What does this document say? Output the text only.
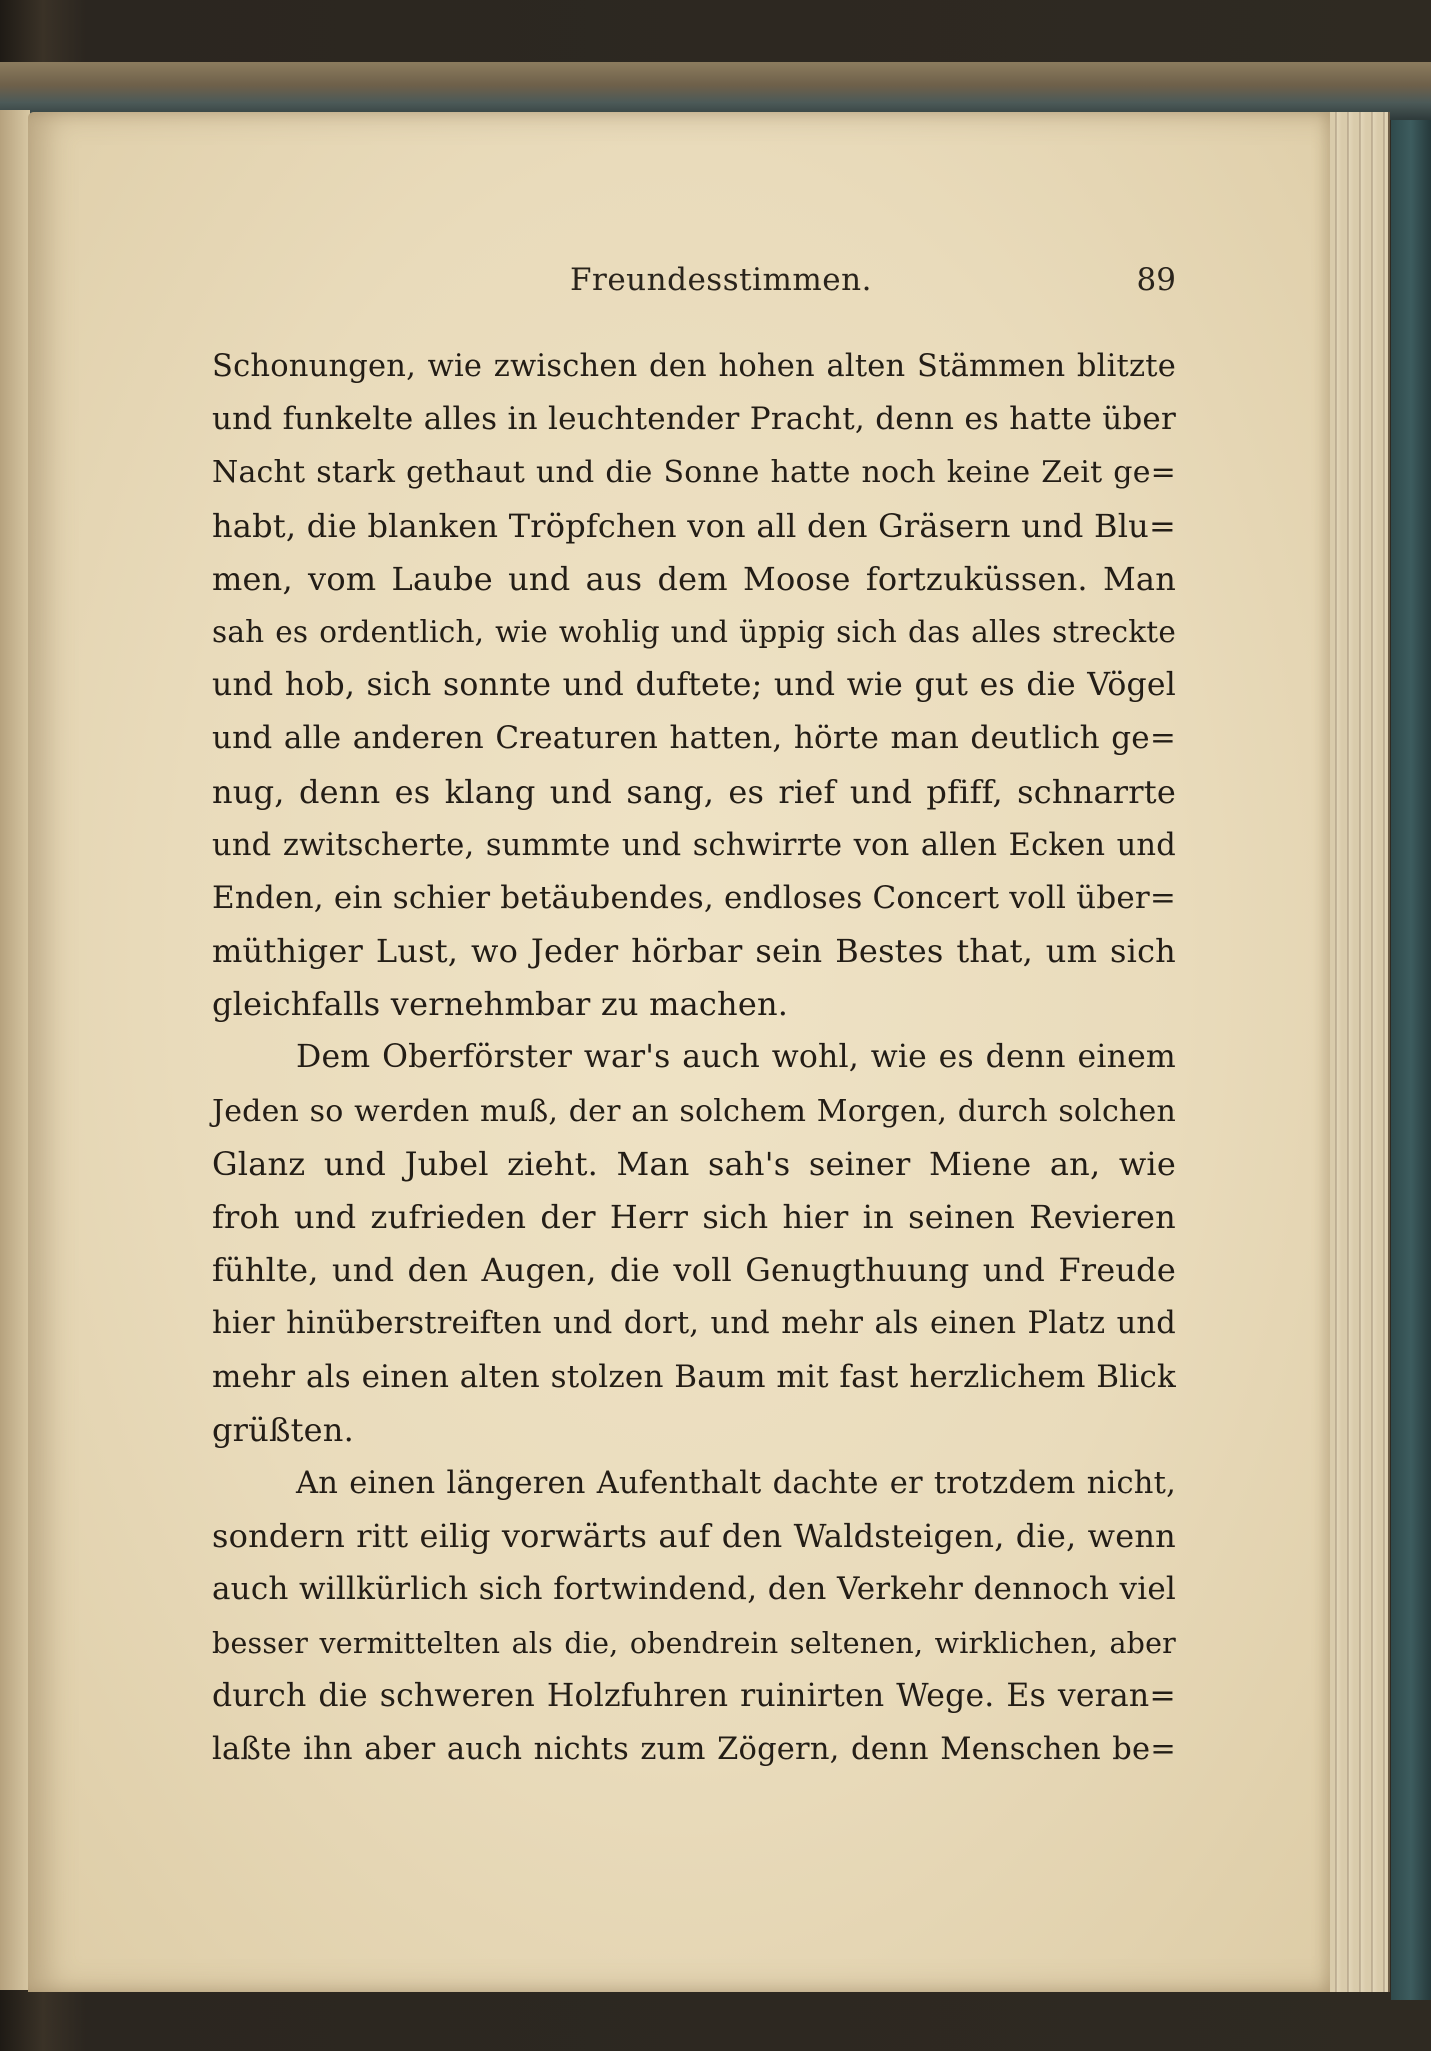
Freundesstimmen.	89
Schonungen, wie zwischen den hohen alten Stämmen blitzte
und funkelte alles in leuchtender Pracht, denn es hatte über
Nacht stark gethaut und die Sonne hatte noch keine Zeit ge=
habt, die blanken Tröpfchen von all den Gräsern und Blu=
men, vom Laube und aus dem Moose fortzuküssen. Man
sah es ordentlich, wie wohlig und üppig sich das alles streckte
und hob, sich sonnte und duftete; und wie gut es die Vögel
und alle anderen Creaturen hatten, hörte man deutlich ge=
nug, denn es klang und sang, es rief und pfiff, schnarrte
und zwitscherte, summte und schwirrte von allen Ecken und
Enden, ein schier betäubendes, endloses Concert voll über=
müthiger Lust, wo Jeder hörbar sein Bestes that, um sich
gleichfalls vernehmbar zu machen.
Dem Oberförster war's auch wohl, wie es denn einem
Jeden so werden muß, der an solchem Morgen, durch solchen
Glanz und Jubel zieht. Man sah's seiner Miene an, wie
froh und zufrieden der Herr sich hier in seinen Revieren
fühlte, und den Augen, die voll Genugthuung und Freude
hier hinüberstreiften und dort, und mehr als einen Platz und
mehr als einen alten stolzen Baum mit fast herzlichem Blick
grüßten.
An einen längeren Aufenthalt dachte er trotzdem nicht,
sondern ritt eilig vorwärts auf den Waldsteigen, die, wenn
auch willkürlich sich fortwindend, den Verkehr dennoch viel
besser vermittelten als die, obendrein seltenen, wirklichen, aber
durch die schweren Holzfuhren ruinirten Wege. Es veran=
laßte ihn aber auch nichts zum Zögern, denn Menschen be=
